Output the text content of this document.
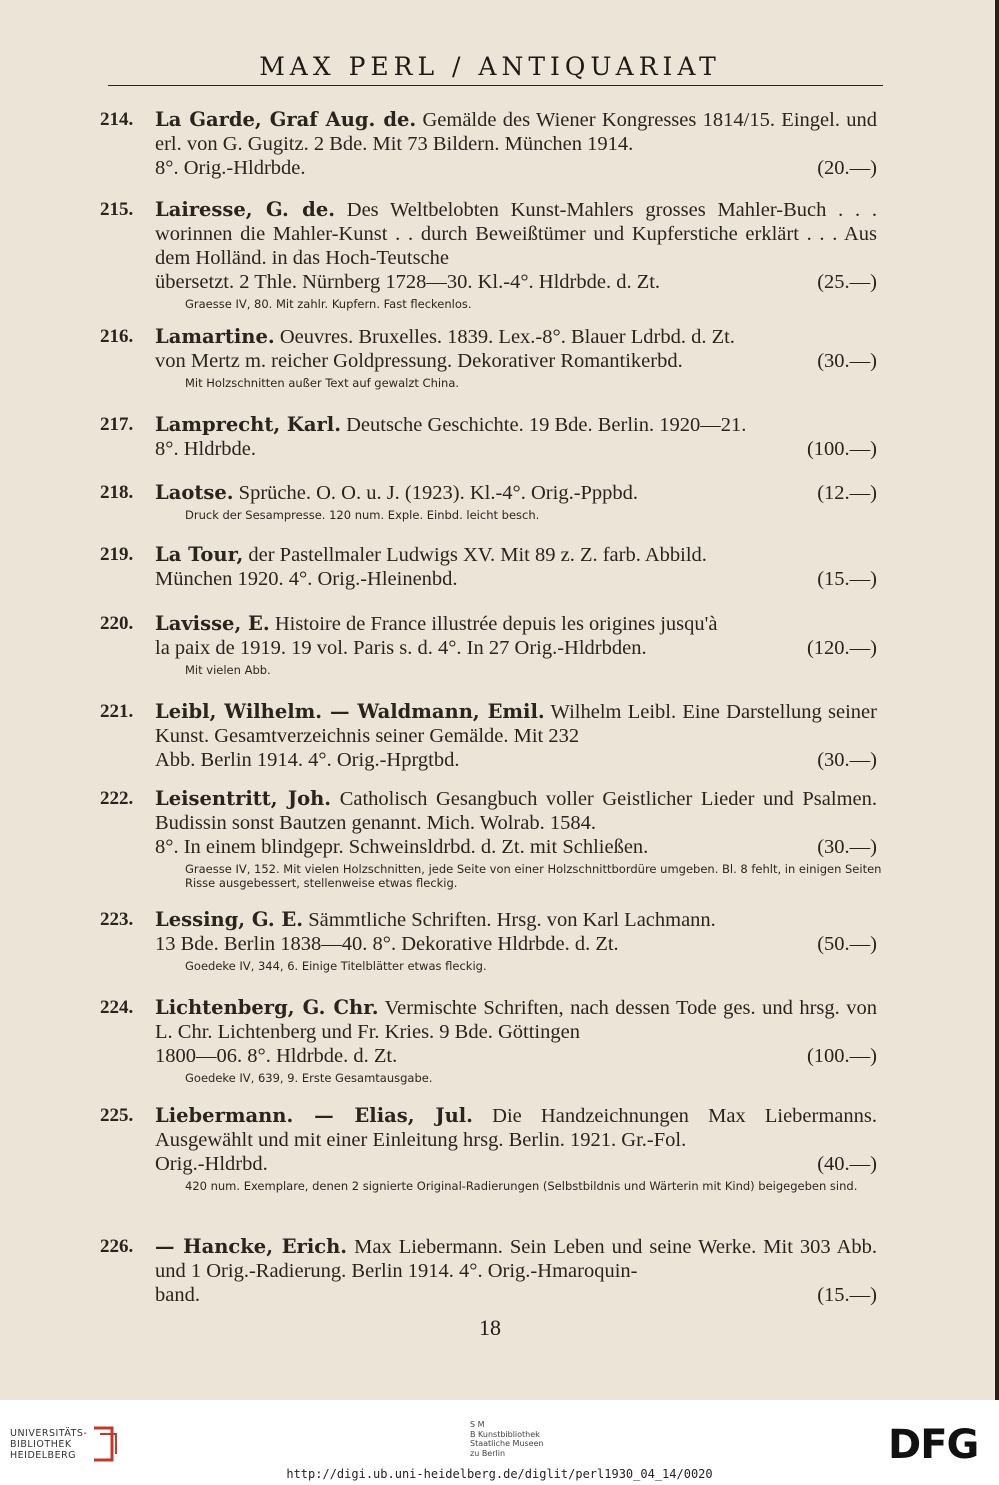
MAX PERL / ANTIQUARIAT
214. La Garde, Graf Aug. de. Gemälde des Wiener Kongresses 1814/15. Eingel. und erl. von G. Gugitz. 2 Bde. Mit 73 Bildern. München 1914.
8°. Orig.-Hldrbde.	(20.—)
215. Lairesse, G. de. Des Weltbelobten Kunst-Mahlers grosses Mahler-Buch . . . worinnen die Mahler-Kunst . . durch Beweißtümer und Kupferstiche erklärt . . . Aus dem Holländ. in das Hoch-Teutsche
übersetzt. 2 Thle. Nürnberg 1728—30. Kl.-4°. Hldrbde. d. Zt.	(25.—)
Graesse IV, 80. Mit zahlr. Kupfern. Fast fleckenlos.
216. Lamartine. Oeuvres. Bruxelles. 1839. Lex.-8°. Blauer Ldrbd. d. Zt.
von Mertz m. reicher Goldpressung. Dekorativer Romantikerbd.	(30.—)
Mit Holzschnitten außer Text auf gewalzt China.
217. Lamprecht, Karl. Deutsche Geschichte. 19 Bde. Berlin. 1920—21.
8°. Hldrbde.	(100.—)
218. Laotse. Sprüche. O. O. u. J. (1923). Kl.-4°. Orig.-Pppbd.	(12.—)
Druck der Sesampresse. 120 num. Exple. Einbd. leicht besch.
219. La Tour, der Pastellmaler Ludwigs XV. Mit 89 z. Z. farb. Abbild.
München 1920. 4°. Orig.-Hleinenbd.	(15.—)
220. Lavisse, E. Histoire de France illustrée depuis les origines jusqu'à
la paix de 1919. 19 vol. Paris s. d. 4°. In 27 Orig.-Hldrbden.	(120.—)
Mit vielen Abb.
221. Leibl, Wilhelm. — Waldmann, Emil. Wilhelm Leibl. Eine Darstellung seiner Kunst. Gesamtverzeichnis seiner Gemälde. Mit 232
Abb. Berlin 1914. 4°. Orig.-Hprgtbd.	(30.—)
222. Leisentritt, Joh. Catholisch Gesangbuch voller Geistlicher Lieder und Psalmen. Budissin sonst Bautzen genannt. Mich. Wolrab. 1584.
8°. In einem blindgepr. Schweinsldrbd. d. Zt. mit Schließen.	(30.—)
Graesse IV, 152. Mit vielen Holzschnitten, jede Seite von einer Holzschnittbordüre umgeben. Bl. 8 fehlt, in einigen Seiten Risse ausgebessert, stellenweise etwas fleckig.
223. Lessing, G. E. Sämmtliche Schriften. Hrsg. von Karl Lachmann.
13 Bde. Berlin 1838—40. 8°. Dekorative Hldrbde. d. Zt.	(50.—)
Goedeke IV, 344, 6. Einige Titelblätter etwas fleckig.
224. Lichtenberg, G. Chr. Vermischte Schriften, nach dessen Tode ges. und hrsg. von L. Chr. Lichtenberg und Fr. Kries. 9 Bde. Göttingen
1800—06. 8°. Hldrbde. d. Zt.	(100.—)
Goedeke IV, 639, 9. Erste Gesamtausgabe.
225. Liebermann. — Elias, Jul. Die Handzeichnungen Max Liebermanns. Ausgewählt und mit einer Einleitung hrsg. Berlin. 1921. Gr.-Fol.
Orig.-Hldrbd.	(40.—)
420 num. Exemplare, denen 2 signierte Original-Radierungen (Selbstbildnis und Wärterin mit Kind) beigegeben sind.
226. — Hancke, Erich. Max Liebermann. Sein Leben und seine Werke. Mit 303 Abb. und 1 Orig.-Radierung. Berlin 1914. 4°. Orig.-Hmaroquin-
band.	(15.—)
18
UNIVERSITÄTS-
BIBLIOTHEK
HEIDELBERG
S M
B Kunstbibliothek
Staatliche Museen
zu Berlin	DFG
http://digi.ub.uni-heidelberg.de/diglit/perl1930_04_14/0020
